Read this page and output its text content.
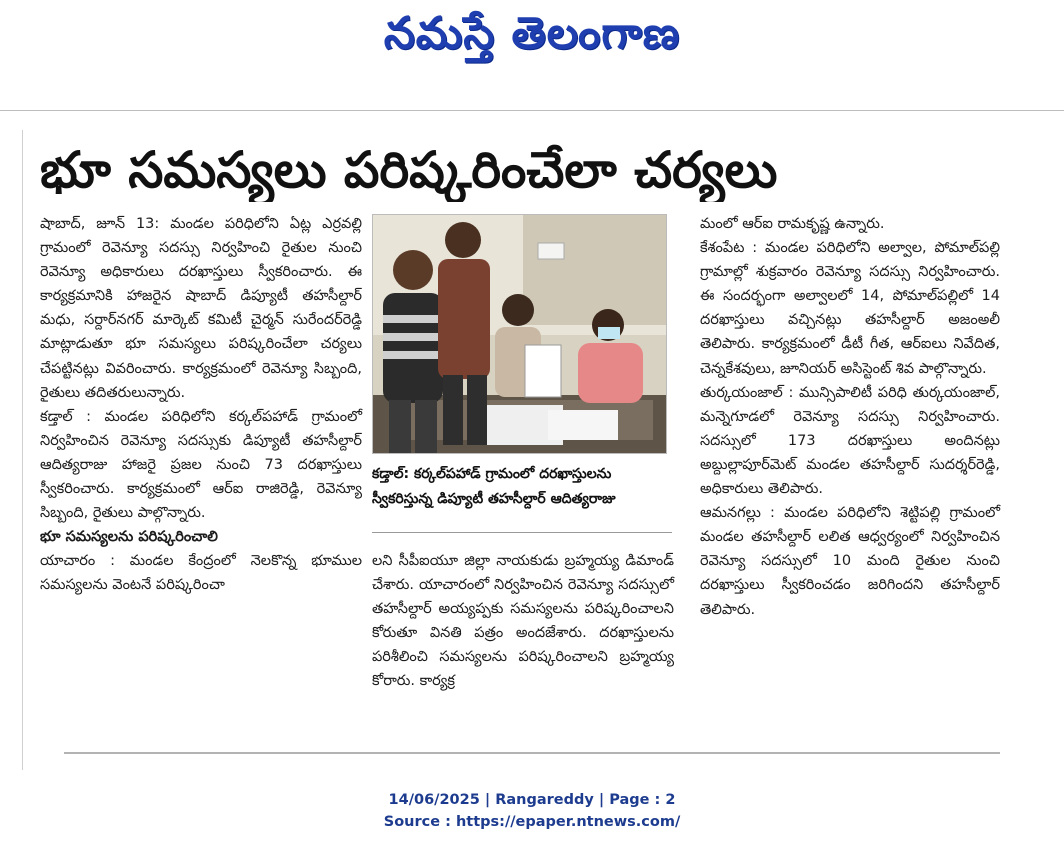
నమస్తే తెలంగాణ
భూ సమస్యలు పరిష్కరించేలా చర్యలు

షాబాద్, జూన్ 13: మండల పరిధిలోని ఏట్ల ఎర్రవల్లి గ్రామంలో రెవెన్యూ సదస్సు నిర్వహించి రైతుల నుంచి రెవెన్యూ అధికారులు దరఖాస్తులు స్వీకరించారు. ఈ కార్యక్రమానికి హాజరైన షాబాద్ డిప్యూటీ తహసీల్దార్ మధు, సర్దార్‌నగర్ మార్కెట్ కమిటీ చైర్మన్ సురేందర్‌రెడ్డి మాట్లాడుతూ భూ సమస్యలు పరిష్కరించేలా చర్యలు చేపట్టినట్లు వివరించారు. కార్యక్రమంలో రెవెన్యూ సిబ్బంది, రైతులు తదితరులున్నారు.

కడ్తాల్ : మండల పరిధిలోని కర్కల్‌పహాడ్ గ్రామంలో నిర్వహించిన రెవెన్యూ సదస్సుకు డిప్యూటీ తహసీల్దార్ ఆదిత్యరాజు హాజరై ప్రజల నుంచి 73 దరఖాస్తులు స్వీకరించారు. కార్యక్రమంలో ఆర్ఐ రాజిరెడ్డి, రెవెన్యూ సిబ్బంది, రైతులు పాల్గొన్నారు.

భూ సమస్యలను పరిష్కరించాలి

యాచారం : మండల కేంద్రంలో నెలకొన్న భూముల సమస్యలను వెంటనే పరిష్కరించా

కడ్తాల్: కర్కల్‌పహాడ్ గ్రామంలో దరఖాస్తులను స్వీకరిస్తున్న డిప్యూటీ తహసీల్దార్ ఆదిత్యరాజు

లని సీపీఐయూ జిల్లా నాయకుడు బ్రహ్మయ్య డిమాండ్ చేశారు. యాచారంలో నిర్వహించిన రెవెన్యూ సదస్సులో తహసీల్దార్ అయ్యప్పకు సమస్యలను పరిష్కరించాలని కోరుతూ వినతి పత్రం అందజేశారు. దరఖాస్తులను పరిశీలించి సమస్యలను పరిష్కరించాలని బ్రహ్మయ్య కోరారు. కార్యక్ర

మంలో ఆర్ఐ రామకృష్ణ ఉన్నారు.

కేశంపేట : మండల పరిధిలోని అల్వాల, పోమాల్‌పల్లి గ్రామాల్లో శుక్రవారం రెవెన్యూ సదస్సు నిర్వహించారు. ఈ సందర్భంగా అల్వాలలో 14, పోమాల్‌పల్లిలో 14 దరఖాస్తులు వచ్చినట్లు తహసీల్దార్ అజంఅలీ తెలిపారు. కార్యక్రమంలో డీటీ గీత, ఆర్ఐలు నివేదిత, చెన్నకేశవులు, జూనియర్ అసిస్టెంట్ శివ పాల్గొన్నారు.

తుర్కయంజాల్ : మున్సిపాలిటీ పరిధి తుర్కయంజాల్, మన్నెగూడలో రెవెన్యూ సదస్సు నిర్వహించారు. సదస్సులో 173 దరఖాస్తులు అందినట్లు అబ్దుల్లాపూర్‌మెట్ మండల తహసీల్దార్ సుదర్శర్‌రెడ్డి, అధికారులు తెలిపారు.

ఆమనగల్లు : మండల పరిధిలోని శెట్టిపల్లి గ్రామంలో మండల తహసీల్దార్ లలిత ఆధ్వర్యంలో నిర్వహించిన రెవెన్యూ సదస్సులో 10 మంది రైతుల నుంచి దరఖాస్తులు స్వీకరించడం జరిగిందని తహసీల్దార్ తెలిపారు.

14/06/2025 | Rangareddy | Page : 2
Source : https://epaper.ntnews.com/
